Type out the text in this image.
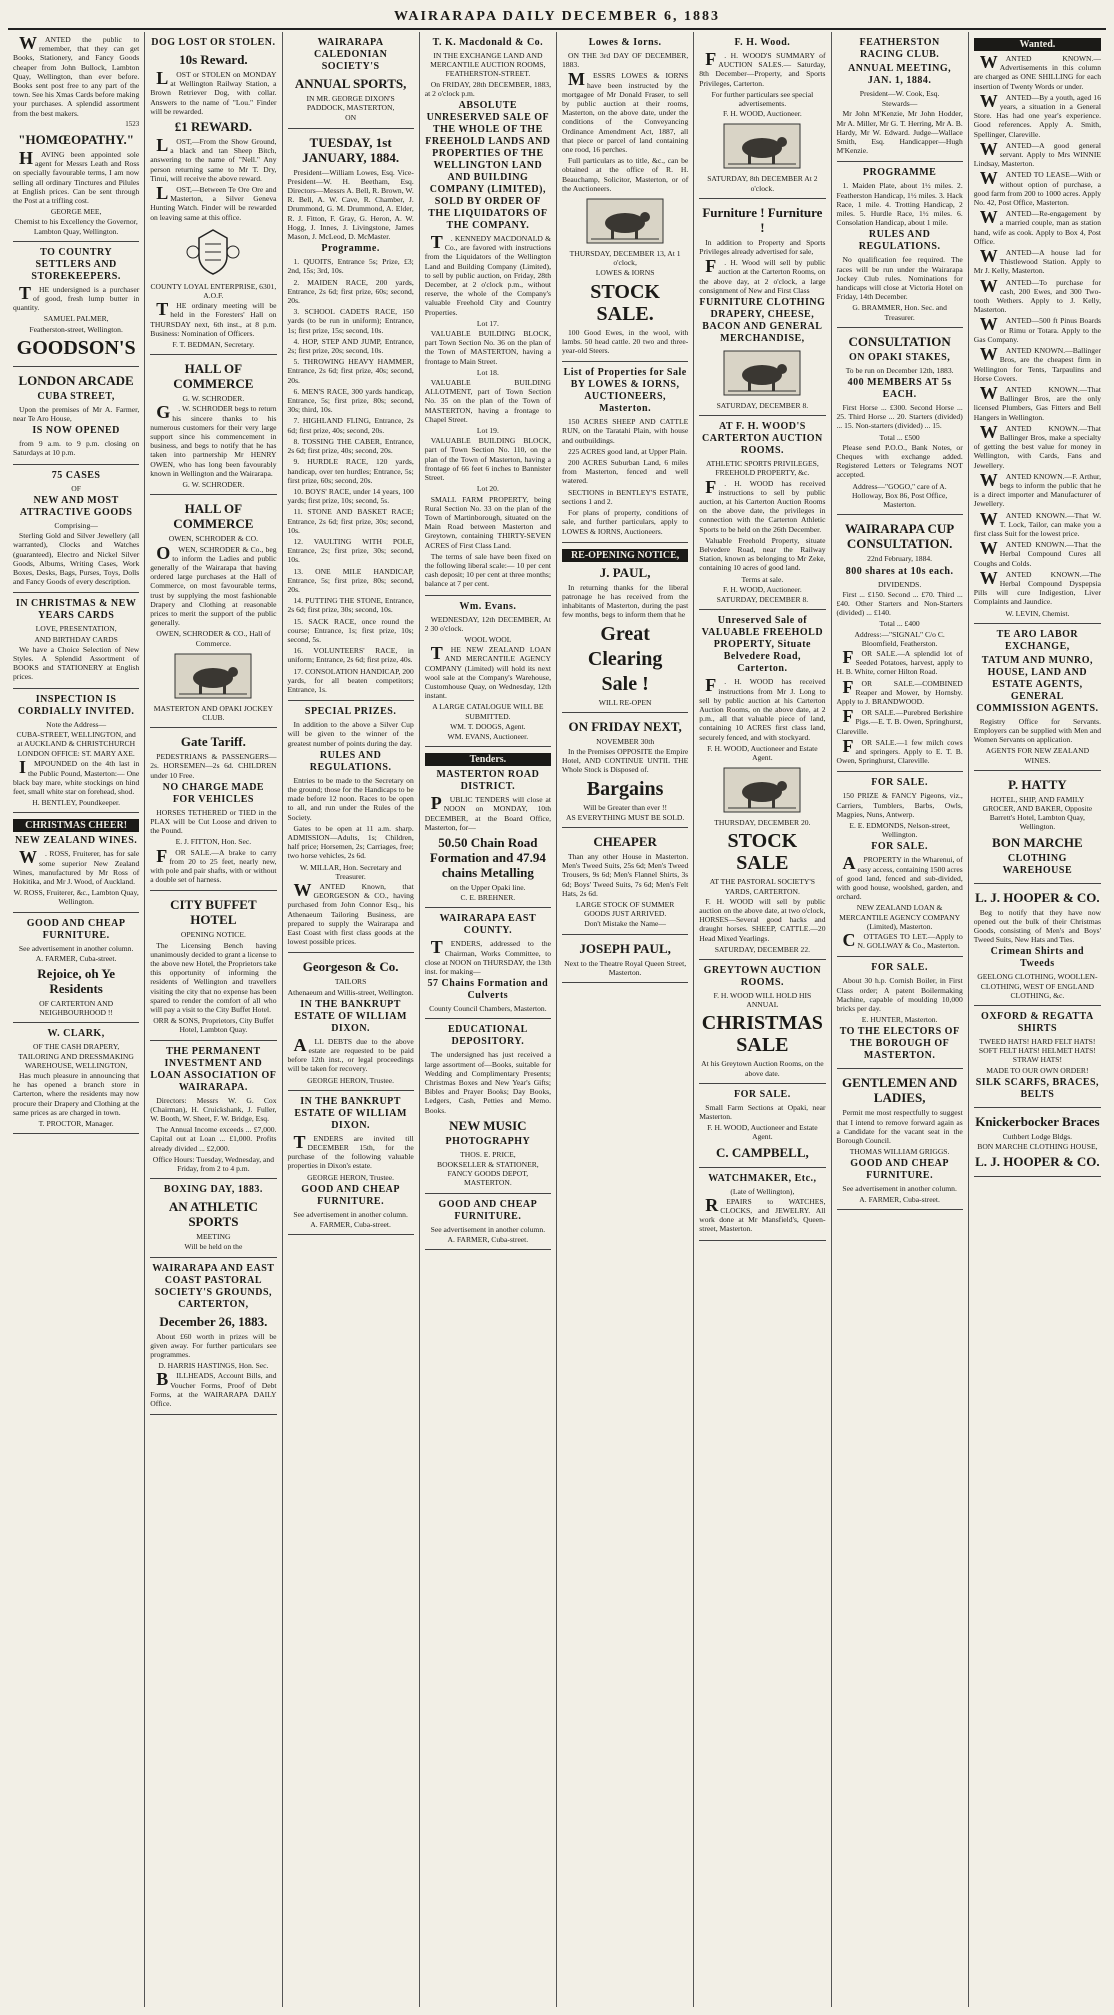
WAIRARAPA DAILY DECEMBER 6, 1883

W ANTED the public to remember, that they can get Books, Stationery, and Fancy Goods cheaper from John Bullock, Lambton Quay, Wellington, than ever before. Books sent post free to any part of the town. See his Xmas Cards before making your purchases. A splendid assortment from the best makers.

1523
"HOMŒOPATHY."

H AVING been appointed sole agent for Messrs Leath and Ross on specially favourable terms, I am now selling all ordinary Tinctures and Pilules at English prices. Can be sent through the Post at a trifling cost.

GEORGE MEE,
Chemist to his Excellency the Governor, Lambton Quay, Wellington.
TO COUNTRY SETTLERS AND STOREKEEPERS.

T HE undersigned is a purchaser of good, fresh lump butter in quantity.

SAMUEL PALMER,
Featherston-street, Wellington.
GOODSON'S
LONDON ARCADE
CUBA STREET,

Upon the premises of Mr A. Farmer, near Te Aro House,

IS NOW OPENED

from 9 a.m. to 9 p.m. closing on Saturdays at 10 p.m.

75 CASES
OF
NEW AND MOST ATTRACTIVE GOODS
Comprising—

Sterling Gold and Silver Jewellery (all warranted), Clocks and Watches (guaranteed), Electro and Nickel Silver Goods, Albums, Writing Cases, Work Boxes, Desks, Bags, Purses, Toys, Dolls and Fancy Goods of every description.

IN CHRISTMAS & NEW YEARS CARDS
LOVE, PRESENTATION,
AND BIRTHDAY CARDS

We have a Choice Selection of New Styles. A Splendid Assortment of BOOKS and STATIONERY at English prices.

INSPECTION IS CORDIALLY INVITED.
Note the Address—
CUBA-STREET, WELLINGTON, and at AUCKLAND & CHRISTCHURCH
LONDON OFFICE: ST. MARY AXE.

I MPOUNDED on the 4th last in the Public Pound, Masterton:— One black bay mare, white stockings on hind feet, small white star on forehead, shod.

H. BENTLEY, Poundkeeper.
CHRISTMAS CHEER!
NEW ZEALAND WINES.

W . ROSS, Fruiterer, has for sale some superior New Zealand Wines, manufactured by Mr Ross of Hokitika, and Mr J. Wood, of Auckland.

W. ROSS, Fruiterer, &c., Lambton Quay, Wellington.
GOOD AND CHEAP FURNITURE.
See advertisement in another column.
A. FARMER, Cuba-street.
Rejoice, oh Ye Residents
OF CARTERTON AND NEIGHBOURHOOD !!
W. CLARK,
OF THE CASH DRAPERY, TAILORING AND DRESSMAKING WAREHOUSE, WELLINGTON,

Has much pleasure in announcing that he has opened a branch store in Carterton, where the residents may now procure their Drapery and Clothing at the same prices as are charged in town.

T. PROCTOR, Manager.
DOG LOST OR STOLEN.
10s Reward.

L OST or STOLEN on MONDAY at Wellington Railway Station, a Brown Retriever Dog, with collar. Answers to the name of "Lou." Finder will be rewarded.

£1 REWARD.

L OST,—From the Show Ground, a black and tan Sheep Bitch, answering to the name of "Nell." Any person returning same to Mr T. Dry, Tinui, will receive the above reward.

L OST,—Between Te Ore Ore and Masterton, a Silver Geneva Hunting Watch. Finder will be rewarded on leaving same at this office.

COUNTY LOYAL ENTERPRISE, 6301, A.O.F.

T HE ordinary meeting will be held in the Foresters' Hall on THURSDAY next, 6th inst., at 8 p.m. Business: Nomination of Officers.

F. T. BEDMAN, Secretary.
HALL OF COMMERCE
G. W. SCHRODER.

G . W. SCHRODER begs to return his sincere thanks to his numerous customers for their very large support since his commencement in business, and begs to notify that he has taken into partnership Mr HENRY OWEN, who has long been favourably known in Wellington and the Wairarapa.

G. W. SCHRODER.
HALL OF COMMERCE
OWEN, SCHRODER & CO.

O WEN, SCHRODER & Co., beg to inform the Ladies and public generally of the Wairarapa that having ordered large purchases at the Hall of Commerce, on most favourable terms, trust by supplying the most fashionable Drapery and Clothing at reasonable prices to merit the support of the public generally.

OWEN, SCHRODER & CO., Hall of Commerce.
MASTERTON AND OPAKI JOCKEY CLUB.
Gate Tariff.

PEDESTRIANS & PASSENGERS—2s. HORSEMEN—2s 6d. CHILDREN under 10 Free.

NO CHARGE MADE FOR VEHICLES

HORSES TETHERED or TIED in the PLAX will be Cut Loose and driven to the Pound.

E. J. FITTON, Hon. Sec.

F OR SALE.—A brake to carry from 20 to 25 feet, nearly new, with pole and pair shafts, with or without a double set of harness.

CITY BUFFET HOTEL
OPENING NOTICE.

The Licensing Bench having unanimously decided to grant a license to the above new Hotel, the Proprietors take this opportunity of informing the residents of Wellington and travellers visiting the city that no expense has been spared to render the comfort of all who will pay a visit to the City Buffet Hotel.

ORR & SONS, Proprietors, City Buffet Hotel, Lambton Quay.
THE PERMANENT INVESTMENT AND LOAN ASSOCIATION OF WAIRARAPA.

Directors: Messrs W. G. Cox (Chairman), H. Cruickshank, J. Fuller, W. Booth, W. Sheet, F. W. Bridge, Esq.

The Annual Income exceeds ... £7,000. Capital out at Loan ... £1,000. Profits already divided ... £2,000.

Office Hours: Tuesday, Wednesday, and Friday, from 2 to 4 p.m.
BOXING DAY, 1883.
AN ATHLETIC SPORTS
MEETING
Will be held on the
WAIRARAPA AND EAST COAST PASTORAL SOCIETY'S GROUNDS, CARTERTON,
December 26, 1883.

About £60 worth in prizes will be given away. For further particulars see programmes.

D. HARRIS HASTINGS, Hon. Sec.

B ILLHEADS, Account Bills, and Voucher Forms, Proof of Debt Forms, at the WAIRARAPA DAILY Office.

WAIRARAPA CALEDONIAN SOCIETY'S
ANNUAL SPORTS,
IN MR. GEORGE DIXON'S PADDOCK, MASTERTON,
ON
TUESDAY, 1st JANUARY, 1884.

President—William Lowes, Esq. Vice-President—W. H. Beetham, Esq. Directors—Messrs A. Bell, R. Brown, W. R. Bell, A. W. Cave, R. Chamber, J. Drummond, G. M. Drummond, A. Elder, R. J. Fitton, F. Gray, G. Heron, A. W. Hogg, J. Innes, J. Livingstone, James Mason, J. McLeod, D. McMaster.

Programme.

1. QUOITS, Entrance 5s; Prize, £3; 2nd, 15s; 3rd, 10s.

2. MAIDEN RACE, 200 yards, Entrance, 2s 6d; first prize, 60s; second, 20s.

3. SCHOOL CADETS RACE, 150 yards (to be run in uniform); Entrance, 1s; first prize, 15s; second, 10s.

4. HOP, STEP AND JUMP, Entrance, 2s; first prize, 20s; second, 10s.

5. THROWING HEAVY HAMMER, Entrance, 2s 6d; first prize, 40s; second, 20s.

6. MEN'S RACE, 300 yards handicap, Entrance, 5s; first prize, 80s; second, 30s; third, 10s.

7. HIGHLAND FLING, Entrance, 2s 6d; first prize, 40s; second, 20s.

8. TOSSING THE CABER, Entrance, 2s 6d; first prize, 40s; second, 20s.

9. HURDLE RACE, 120 yards, handicap, over ten hurdles; Entrance, 5s; first prize, 60s; second, 20s.

10. BOYS' RACE, under 14 years, 100 yards; first prize, 10s; second, 5s.

11. STONE AND BASKET RACE; Entrance, 2s 6d; first prize, 30s; second, 10s.

12. VAULTING WITH POLE, Entrance, 2s; first prize, 30s; second, 10s.

13. ONE MILE HANDICAP, Entrance, 5s; first prize, 80s; second, 20s.

14. PUTTING THE STONE, Entrance, 2s 6d; first prize, 30s; second, 10s.

15. SACK RACE, once round the course; Entrance, 1s; first prize, 10s; second, 5s.

16. VOLUNTEERS' RACE, in uniform; Entrance, 2s 6d; first prize, 40s.

17. CONSOLATION HANDICAP, 200 yards, for all beaten competitors; Entrance, 1s.

SPECIAL PRIZES.

In addition to the above a Silver Cup will be given to the winner of the greatest number of points during the day.

RULES AND REGULATIONS.

Entries to be made to the Secretary on the ground; those for the Handicaps to be made before 12 noon. Races to be open to all, and run under the Rules of the Society.

Gates to be open at 11 a.m. sharp. ADMISSION—Adults, 1s; Children, half price; Horsemen, 2s; Carriages, free; two horse vehicles, 2s 6d.

W. MILLAR, Hon. Secretary and Treasurer.

W ANTED Known, that GEORGESON & CO., having purchased from John Connor Esq., his Athenaeum Tailoring Business, are prepared to supply the Wairarapa and East Coast with first class goods at the lowest possible prices.

Georgeson & Co.
TAILORS
Athenaeum and Willis-street, Wellington.
IN THE BANKRUPT ESTATE OF WILLIAM DIXON.

A LL DEBTS due to the above estate are requested to be paid before 12th inst., or legal proceedings will be taken for recovery.

GEORGE HERON, Trustee.
IN THE BANKRUPT ESTATE OF WILLIAM DIXON.

T ENDERS are invited till DECEMBER 15th, for the purchase of the following valuable properties in Dixon's estate.

GEORGE HERON, Trustee.
GOOD AND CHEAP FURNITURE.
See advertisement in another column.
A. FARMER, Cuba-street.
T. K. Macdonald & Co.
IN THE EXCHANGE LAND AND MERCANTILE AUCTION ROOMS, FEATHERSTON-STREET.

On FRIDAY, 28th DECEMBER, 1883, at 2 o'clock p.m.

ABSOLUTE UNRESERVED SALE OF THE WHOLE OF THE FREEHOLD LANDS AND PROPERTIES OF THE WELLINGTON LAND AND BUILDING COMPANY (LIMITED), SOLD BY ORDER OF THE LIQUIDATORS OF THE COMPANY.

T . KENNEDY MACDONALD & Co., are favored with instructions from the Liquidators of the Wellington Land and Building Company (Limited), to sell by public auction, on Friday, 28th December, at 2 o'clock p.m., without reserve, the whole of the Company's valuable Freehold City and Country Properties.

Lot 17.

VALUABLE BUILDING BLOCK, part Town Section No. 36 on the plan of the Town of MASTERTON, having a frontage to Main Street.

Lot 18.

VALUABLE BUILDING ALLOTMENT, part of Town Section No. 35 on the plan of the Town of MASTERTON, having a frontage to Chapel Street.

Lot 19.

VALUABLE BUILDING BLOCK, part of Town Section No. 110, on the plan of the Town of Masterton, having a frontage of 66 feet 6 inches to Bannister Street.

Lot 20.

SMALL FARM PROPERTY, being Rural Section No. 33 on the plan of the Town of Martinborough, situated on the Main Road between Masterton and Greytown, containing THIRTY-SEVEN ACRES of First Class Land.

The terms of sale have been fixed on the following liberal scale:— 10 per cent cash deposit; 10 per cent at three months; balance at 7 per cent.

Wm. Evans.

WEDNESDAY, 12th DECEMBER, At 2 30 o'clock.

WOOL WOOL

T HE NEW ZEALAND LOAN AND MERCANTILE AGENCY COMPANY (Limited) will hold its next wool sale at the Company's Warehouse, Customhouse Quay, on Wednesday, 12th instant.

A LARGE CATALOGUE WILL BE SUBMITTED.
WM. T. DOOGS, Agent.
WM. EVANS, Auctioneer.
Tenders.
MASTERTON ROAD DISTRICT.

P UBLIC TENDERS will close at NOON on MONDAY, 10th DECEMBER, at the Board Office, Masterton, for—

50.50 Chain Road Formation and 47.94 chains Metalling
on the Upper Opaki line.
C. E. BREHNER.
WAIRARAPA EAST COUNTY.

T ENDERS, addressed to the Chairman, Works Committee, to close at NOON on THURSDAY, the 13th inst. for making—

57 Chains Formation and Culverts
County Council Chambers, Masterton.
EDUCATIONAL DEPOSITORY.

The undersigned has just received a large assortment of—Books, suitable for Wedding and Complimentary Presents; Christmas Boxes and New Year's Gifts; Bibles and Prayer Books; Day Books, Ledgers, Cash, Petties and Memo. Books.

NEW MUSIC
PHOTOGRAPHY
THOS. E. PRICE,
BOOKSELLER & STATIONER, FANCY GOODS DEPOT, MASTERTON.
GOOD AND CHEAP FURNITURE.
See advertisement in another column.
A. FARMER, Cuba-street.
Lowes & Iorns.

ON THE 3rd DAY OF DECEMBER, 1883.

M ESSRS LOWES & IORNS have been instructed by the mortgagee of Mr Donald Fraser, to sell by public auction at their rooms, Masterton, on the above date, under the conditions of the Conveyancing Ordinance Amendment Act, 1887, all that piece or parcel of land containing one rood, 16 perches.

Full particulars as to title, &c., can be obtained at the office of R. H. Beauchamp, Solicitor, Masterton, or of the Auctioneers.

THURSDAY, DECEMBER 13, At 1 o'clock,
LOWES & IORNS
STOCK SALE.

100 Good Ewes, in the wool, with lambs. 50 head cattle. 20 two and three-year-old Steers.

List of Properties for Sale BY LOWES & IORNS, AUCTIONEERS, Masterton.

150 ACRES SHEEP AND CATTLE RUN, on the Taratahi Plain, with house and outbuildings.

225 ACRES good land, at Upper Plain.

200 ACRES Suburban Land, 6 miles from Masterton, fenced and well watered.

SECTIONS in BENTLEY'S ESTATE, sections 1 and 2.

For plans of property, conditions of sale, and further particulars, apply to LOWES & IORNS, Auctioneers.

RE-OPENING NOTICE,
J. PAUL,

In returning thanks for the liberal patronage he has received from the inhabitants of Masterton, during the past few months, begs to inform them that he

Great
Clearing
Sale !
WILL RE-OPEN
ON FRIDAY NEXT,
NOVEMBER 30th

In the Premises OPPOSITE the Empire Hotel, AND CONTINUE UNTIL THE Whole Stock is Disposed of.

Bargains
Will be Greater than ever !!
AS EVERYTHING MUST BE SOLD.
CHEAPER

Than any other House in Masterton. Men's Tweed Suits, 25s 6d; Men's Tweed Trousers, 9s 6d; Men's Flannel Shirts, 3s 6d; Boys' Tweed Suits, 7s 6d; Men's Felt Hats, 2s 6d.

LARGE STOCK OF SUMMER GOODS JUST ARRIVED.
Don't Mistake the Name—
JOSEPH PAUL,
Next to the Theatre Royal Queen Street, Masterton.
F. H. Wood.

F . H. WOOD'S SUMMARY of AUCTION SALES.— Saturday, 8th December—Property, and Sports Privileges, Carterton.

For further particulars see special advertisements.
F. H. WOOD, Auctioneer.
SATURDAY, 8th DECEMBER At 2 o'clock.
Furniture ! Furniture !

In addition to Property and Sports Privileges already advertised for sale,

F . H. Wood will sell by public auction at the Carterton Rooms, on the above day, at 2 o'clock, a large consignment of New and First Class

FURNITURE CLOTHING DRAPERY, CHEESE, BACON AND GENERAL MERCHANDISE,
SATURDAY, DECEMBER 8.
AT F. H. WOOD'S CARTERTON AUCTION ROOMS.
ATHLETIC SPORTS PRIVILEGES, FREEHOLD PROPERTY, &c.

F . H. WOOD has received instructions to sell by public auction, at his Carterton Auction Rooms on the above date, the privileges in connection with the Carterton Athletic Sports to be held on the 26th December.

Valuable Freehold Property, situate Belvedere Road, near the Railway Station, known as belonging to Mr Zeke, containing 10 acres of good land.

Terms at sale.
F. H. WOOD, Auctioneer.
SATURDAY, DECEMBER 8.
Unreserved Sale of VALUABLE FREEHOLD PROPERTY, Situate Belvedere Road, Carterton.

F . H. WOOD has received instructions from Mr J. Long to sell by public auction at his Carterton Auction Rooms, on the above date, at 2 p.m., all that valuable piece of land, containing 10 ACRES first class land, securely fenced, and with stockyard.

F. H. WOOD, Auctioneer and Estate Agent.
THURSDAY, DECEMBER 20.
STOCK SALE
AT THE PASTORAL SOCIETY'S YARDS, CARTERTON.

F. H. WOOD will sell by public auction on the above date, at two o'clock, HORSES—Several good hacks and draught horses. SHEEP, CATTLE.—20 Head Mixed Yearlings.

SATURDAY, DECEMBER 22.
GREYTOWN AUCTION ROOMS.
F. H. WOOD WILL HOLD HIS ANNUAL
CHRISTMAS SALE
At his Greytown Auction Rooms, on the above date.
FOR SALE.

Small Farm Sections at Opaki, near Masterton.

F. H. WOOD, Auctioneer and Estate Agent.
C. CAMPBELL,
WATCHMAKER, Etc.,
(Late of Wellington),

R EPAIRS to WATCHES, CLOCKS, and JEWELRY. All work done at Mr Mansfield's, Queen-street, Masterton.

FEATHERSTON RACING CLUB.
ANNUAL MEETING, JAN. 1, 1884.
President—W. Cook, Esq.
Stewards—

Mr John M'Kenzie, Mr John Hodder, Mr A. Miller, Mr G. T. Herring, Mr A. B. Hardy, Mr W. Edward. Judge—Wallace Smith, Esq. Handicapper—Hugh M'Kenzie.

PROGRAMME

1. Maiden Plate, about 1½ miles. 2. Featherston Handicap, 1½ miles. 3. Hack Race, 1 mile. 4. Trotting Handicap, 2 miles. 5. Hurdle Race, 1½ miles. 6. Consolation Handicap, about 1 mile.

RULES AND REGULATIONS.

No qualification fee required. The races will be run under the Wairarapa Jockey Club rules. Nominations for handicaps will close at Victoria Hotel on Friday, 14th December.

G. BRAMMER, Hon. Sec. and Treasurer.
CONSULTATION
ON OPAKI STAKES,
To be run on December 12th, 1883.
400 MEMBERS AT 5s EACH.

First Horse ... £300. Second Horse ... 25. Third Horse ... 20. Starters (divided) ... 15. Non-starters (divided) ... 15.

Total ... £500

Please send P.O.O., Bank Notes, or Cheques with exchange added. Registered Letters or Telegrams NOT accepted.

Address—"GOGO," care of A. Holloway, Box 86, Post Office, Masterton.
WAIRARAPA CUP CONSULTATION.
22nd February, 1884.
800 shares at 10s each.
DIVIDENDS.

First ... £150. Second ... £70. Third ... £40. Other Starters and Non-Starters (divided) ... £140.

Total ... £400
Address:—"SIGNAL" C/o C. Bloomfield, Featherston.

F OR SALE.—A splendid lot of Seeded Potatoes, harvest, apply to H. B. White, corner Hilton Road.

F OR SALE.—COMBINED Reaper and Mower, by Hornsby. Apply to J. BRANDWOOD.

F OR SALE.—Purebred Berkshire Pigs.—E. T. B. Owen, Springhurst, Clareville.

F OR SALE.—1 few milch cows and springers. Apply to E. T. B. Owen, Springhurst, Clareville.

FOR SALE.

150 PRIZE & FANCY Pigeons, viz., Carriers, Tumblers, Barbs, Owls, Magpies, Nuns, Antwerp.

E. E. EDMONDS, Nelson-street, Wellington.
FOR SALE.

A PROPERTY in the Wharenui, of easy access, containing 1500 acres of good land, fenced and sub-divided, with good house, woolshed, garden, and orchard.

NEW ZEALAND LOAN & MERCANTILE AGENCY COMPANY (Limited), Masterton.

C OTTAGES TO LET.—Apply to N. GOLLWAY & Co., Masterton.

FOR SALE.

About 30 h.p. Cornish Boiler, in First Class order; A patent Boilermaking Machine, capable of moulding 10,000 bricks per day.

E. HUNTER, Masterton.
TO THE ELECTORS OF THE BOROUGH OF MASTERTON.
GENTLEMEN AND LADIES,

Permit me most respectfully to suggest that I intend to remove forward again as a Candidate for the vacant seat in the Borough Council.

THOMAS WILLIAM GRIGGS.
GOOD AND CHEAP FURNITURE.
See advertisement in another column.
A. FARMER, Cuba-street.
Wanted.

W ANTED KNOWN.—Advertisements in this column are charged as ONE SHILLING for each insertion of Twenty Words or under.

W ANTED—By a youth, aged 16 years, a situation in a General Store. Has had one year's experience. Good references. Apply A. Smith, Spellinger, Clareville.

W ANTED—A good general servant. Apply to Mrs WINNIE Lindsay, Masterton.

W ANTED TO LEASE—With or without option of purchase, a good farm from 200 to 1000 acres. Apply No. 42, Post Office, Masterton.

W ANTED—Re-engagement by a married couple, man as station hand, wife as cook. Apply to Box 4, Post Office.

W ANTED—A house lad for Thistlewood Station. Apply to Mr J. Kelly, Masterton.

W ANTED—To purchase for cash, 200 Ewes, and 300 Two-tooth Wethers. Apply to J. Kelly, Masterton.

W ANTED—500 ft Pinus Boards or Rimu or Totara. Apply to the Gas Company.

W ANTED KNOWN.—Ballinger Bros, are the cheapest firm in Wellington for Tents, Tarpaulins and Horse Covers.

W ANTED KNOWN.—That Ballinger Bros, are the only licensed Plumbers, Gas Fitters and Bell Hangers in Wellington.

W ANTED KNOWN.—That Ballinger Bros, make a specialty of getting the best value for money in Wellington, with Cards, Fans and Jewellery.

W ANTED KNOWN.—F. Arthur, begs to inform the public that he is a direct importer and Manufacturer of Jewellery.

W ANTED KNOWN.—That W. T. Lock, Tailor, can make you a first class Suit for the lowest price.

W ANTED KNOWN.—That the Herbal Compound Cures all Coughs and Colds.

W ANTED KNOWN.—The Herbal Compound Dyspepsia Pills will cure Indigestion, Liver Complaints and Jaundice.

W. LEVIN, Chemist.
TE ARO LABOR EXCHANGE,
TATUM AND MUNRO, HOUSE, LAND AND ESTATE AGENTS, GENERAL COMMISSION AGENTS.

Registry Office for Servants. Employers can be supplied with Men and Women Servants on application.

AGENTS FOR NEW ZEALAND WINES.
P. HATTY
HOTEL, SHIP, AND FAMILY GROCER, AND BAKER, Opposite Barrett's Hotel, Lambton Quay, Wellington.
BON MARCHE
CLOTHING WAREHOUSE
L. J. HOOPER & CO.

Beg to notify that they have now opened out the bulk of their Christmas Goods, consisting of Men's and Boys' Tweed Suits, New Hats and Ties.

Crimean Shirts and Tweeds
GEELONG CLOTHING, WOOLLEN-CLOTHING, WEST OF ENGLAND CLOTHING, &c.
OXFORD & REGATTA SHIRTS
TWEED HATS! HARD FELT HATS! SOFT FELT HATS! HELMET HATS! STRAW HATS!
MADE TO OUR OWN ORDER!
SILK SCARFS, BRACES, BELTS
Knickerbocker Braces
Cuthbert Lodge Bldgs.
BON MARCHE CLOTHING HOUSE,
L. J. HOOPER & CO.
